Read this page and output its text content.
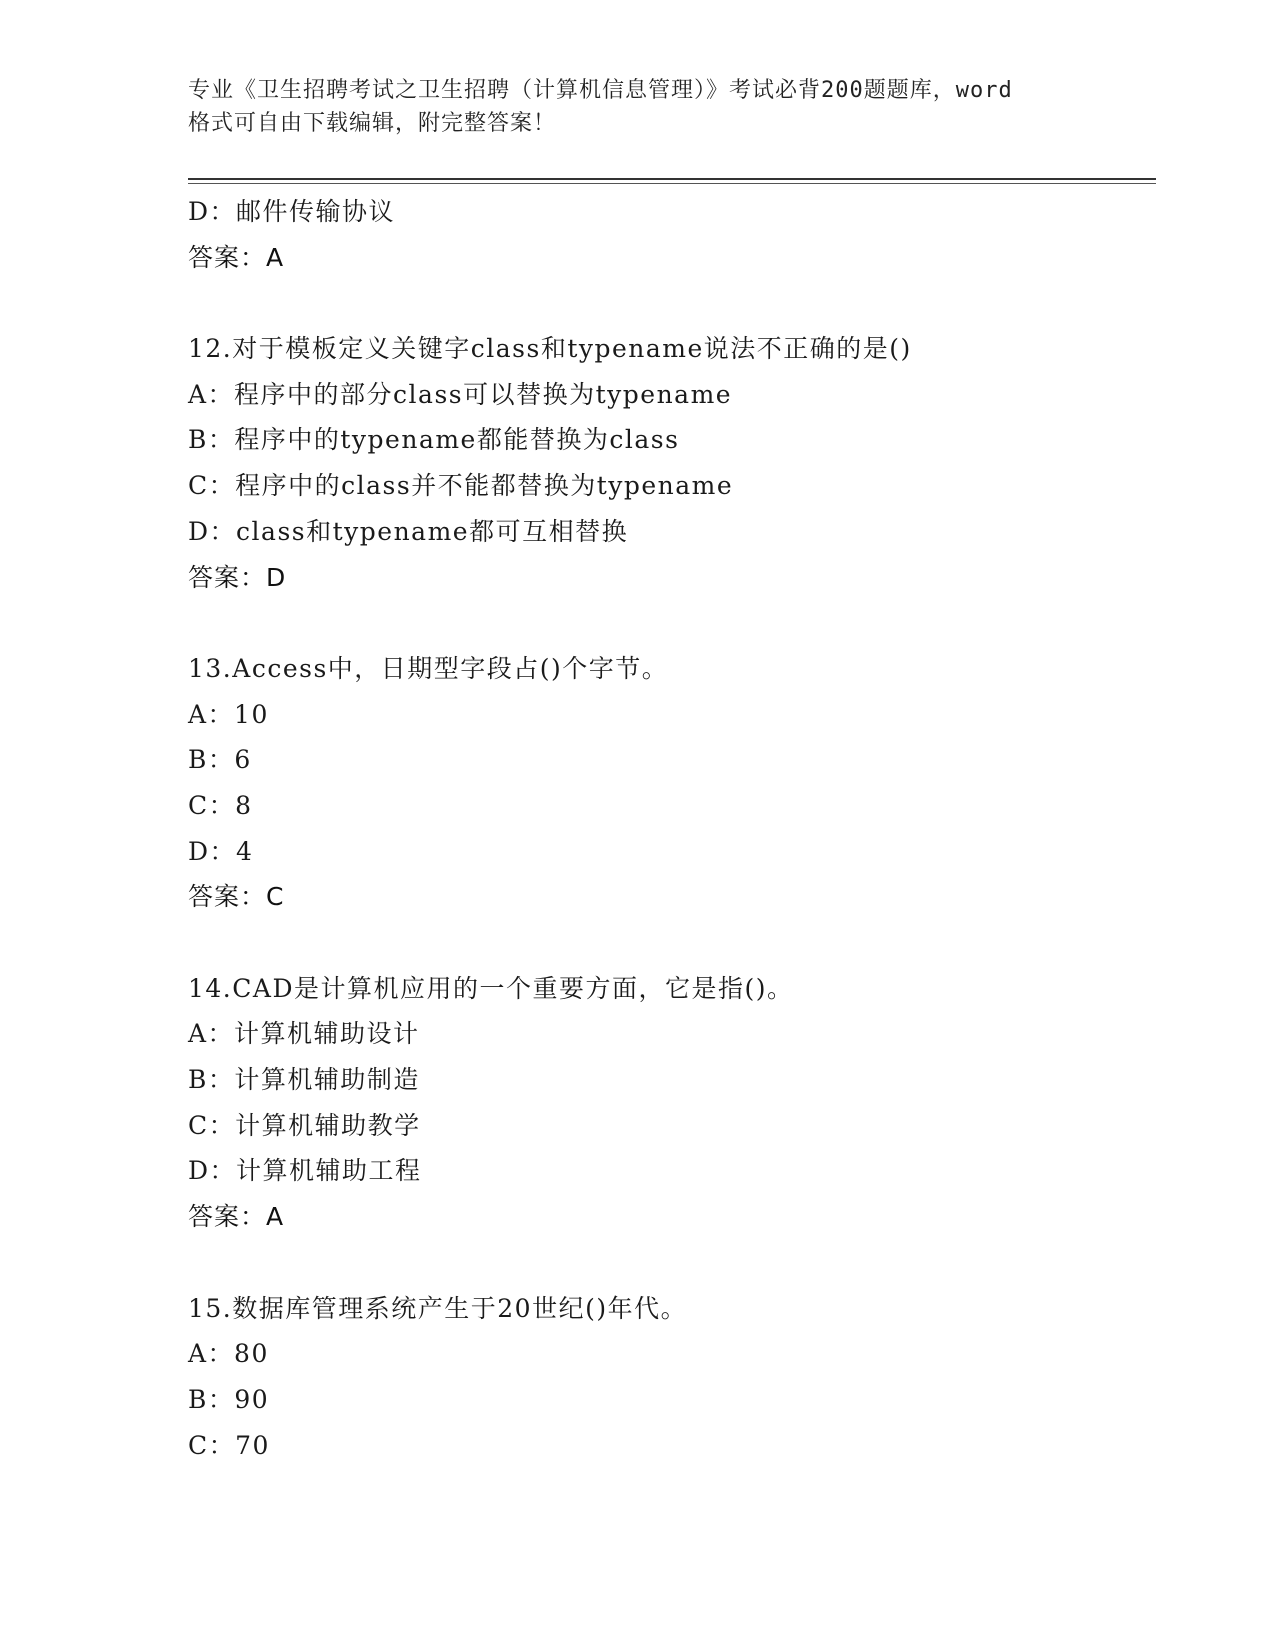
专业《卫生招聘考试之卫生招聘（计算机信息管理）》考试必背200题题库，word
格式可自由下载编辑，附完整答案！
D：邮件传输协议
答案：A
12.对于模板定义关键字class和typename说法不正确的是()
A：程序中的部分class可以替换为typename
B：程序中的typename都能替换为class
C：程序中的class并不能都替换为typename
D：class和typename都可互相替换
答案：D
13.Access中，日期型字段占()个字节。
A：10
B：6
C：8
D：4
答案：C
14.CAD是计算机应用的一个重要方面，它是指()。
A：计算机辅助设计
B：计算机辅助制造
C：计算机辅助教学
D：计算机辅助工程
答案：A
15.数据库管理系统产生于20世纪()年代。
A：80
B：90
C：70
